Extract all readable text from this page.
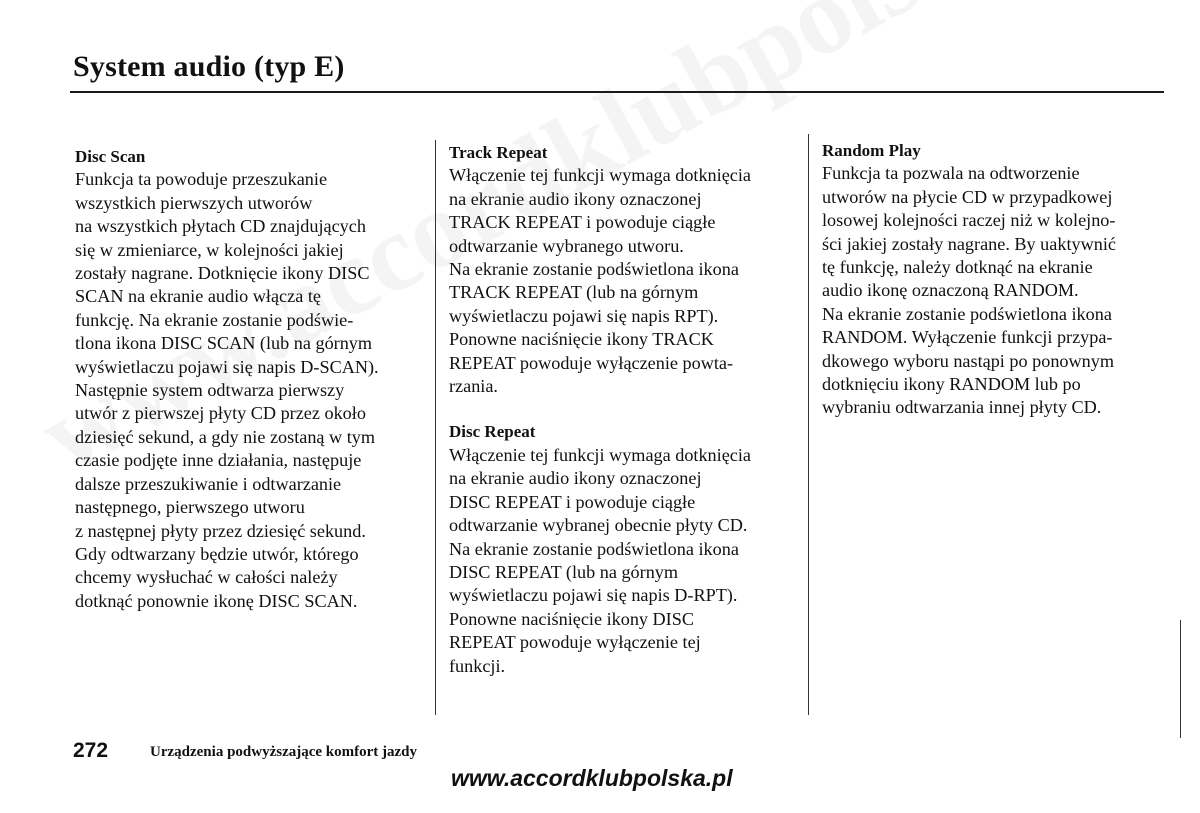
System audio (typ E)

Disc Scan

Funkcja ta powoduje przeszukanie

wszystkich pierwszych utworów

na wszystkich płytach CD znajdujących

się w zmieniarce, w kolejności jakiej

zostały nagrane. Dotknięcie ikony DISC

SCAN na ekranie audio włącza tę

funkcję. Na ekranie zostanie podświe-

tlona ikona DISC SCAN (lub na górnym

wyświetlaczu pojawi się napis D-SCAN).

Następnie system odtwarza pierwszy

utwór z pierwszej płyty CD przez około

dziesięć sekund, a gdy nie zostaną w tym

czasie podjęte inne działania, następuje

dalsze przeszukiwanie i odtwarzanie

następnego, pierwszego utworu

z następnej płyty przez dziesięć sekund.

Gdy odtwarzany będzie utwór, którego

chcemy wysłuchać w całości należy

dotknąć ponownie ikonę DISC SCAN.

Track Repeat

Włączenie tej funkcji wymaga dotknięcia

na ekranie audio ikony oznaczonej

TRACK REPEAT i powoduje ciągłe

odtwarzanie wybranego utworu.

Na ekranie zostanie podświetlona ikona

TRACK REPEAT (lub na górnym

wyświetlaczu pojawi się napis RPT).

Ponowne naciśnięcie ikony TRACK

REPEAT powoduje wyłączenie powta-

rzania.

Disc Repeat

Włączenie tej funkcji wymaga dotknięcia

na ekranie audio ikony oznaczonej

DISC REPEAT i powoduje ciągłe

odtwarzanie wybranej obecnie płyty CD.

Na ekranie zostanie podświetlona ikona

DISC REPEAT (lub na górnym

wyświetlaczu pojawi się napis D-RPT).

Ponowne naciśnięcie ikony DISC

REPEAT powoduje wyłączenie tej

funkcji.

Random Play

Funkcja ta pozwala na odtworzenie

utworów na płycie CD w przypadkowej

losowej kolejności raczej niż w kolejno-

ści jakiej zostały nagrane. By uaktywnić

tę funkcję, należy dotknąć na ekranie

audio ikonę oznaczoną RANDOM.

Na ekranie zostanie podświetlona ikona

RANDOM. Wyłączenie funkcji przypa-

dkowego wyboru nastąpi po ponownym

dotknięciu ikony RANDOM lub po

wybraniu odtwarzania innej płyty CD.

272	Urządzenia podwyższające komfort jazdy
www.accordklubpolska.pl
